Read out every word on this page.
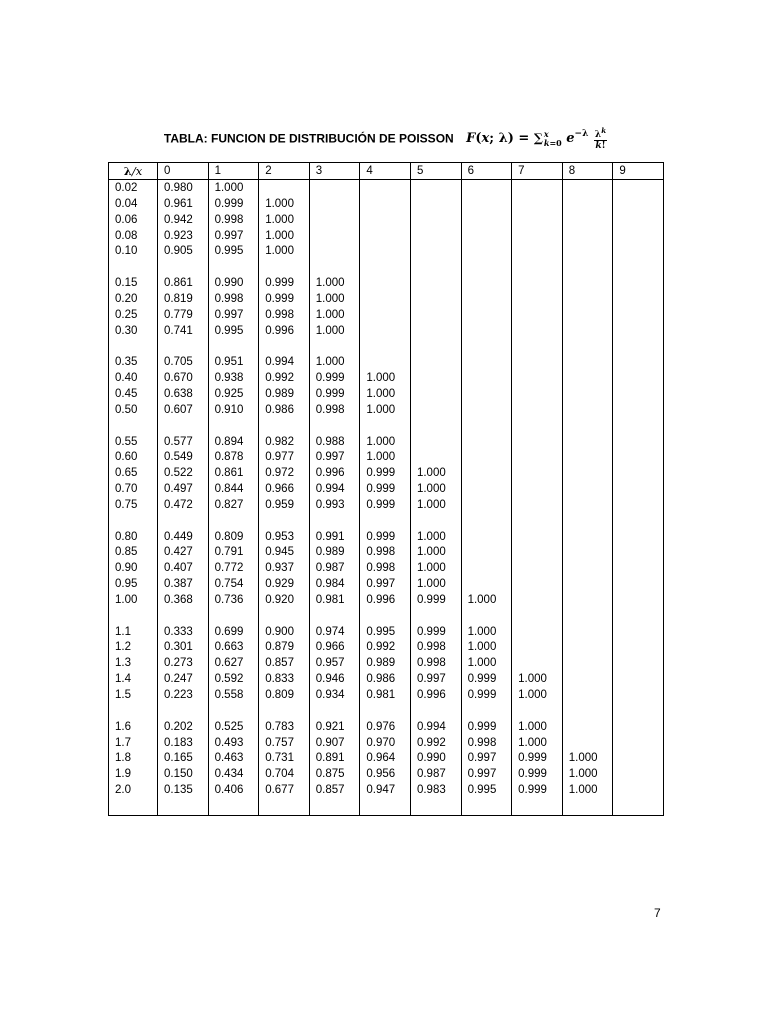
TABLA: FUNCION DE DISTRIBUCIÓN DE POISSON F(x; λ) = ∑x
k=0 $e^{-\lambda} \frac{\lambda^k}{k!}$
λ/x	0	1	2	3	4	5	6	7	8	9
0.02	0.980	1.000								
0.04	0.961	0.999	1.000							
0.06	0.942	0.998	1.000							
0.08	0.923	0.997	1.000							
0.10	0.905	0.995	1.000							

0.15	0.861	0.990	0.999	1.000						
0.20	0.819	0.998	0.999	1.000						
0.25	0.779	0.997	0.998	1.000						
0.30	0.741	0.995	0.996	1.000						

0.35	0.705	0.951	0.994	1.000						
0.40	0.670	0.938	0.992	0.999	1.000					
0.45	0.638	0.925	0.989	0.999	1.000					
0.50	0.607	0.910	0.986	0.998	1.000					

0.55	0.577	0.894	0.982	0.988	1.000					
0.60	0.549	0.878	0.977	0.997	1.000					
0.65	0.522	0.861	0.972	0.996	0.999	1.000				
0.70	0.497	0.844	0.966	0.994	0.999	1.000				
0.75	0.472	0.827	0.959	0.993	0.999	1.000				

0.80	0.449	0.809	0.953	0.991	0.999	1.000				
0.85	0.427	0.791	0.945	0.989	0.998	1.000				
0.90	0.407	0.772	0.937	0.987	0.998	1.000				
0.95	0.387	0.754	0.929	0.984	0.997	1.000				
1.00	0.368	0.736	0.920	0.981	0.996	0.999	1.000			

1.1	0.333	0.699	0.900	0.974	0.995	0.999	1.000			
1.2	0.301	0.663	0.879	0.966	0.992	0.998	1.000			
1.3	0.273	0.627	0.857	0.957	0.989	0.998	1.000			
1.4	0.247	0.592	0.833	0.946	0.986	0.997	0.999	1.000		
1.5	0.223	0.558	0.809	0.934	0.981	0.996	0.999	1.000		

1.6	0.202	0.525	0.783	0.921	0.976	0.994	0.999	1.000		
1.7	0.183	0.493	0.757	0.907	0.970	0.992	0.998	1.000		
1.8	0.165	0.463	0.731	0.891	0.964	0.990	0.997	0.999	1.000	
1.9	0.150	0.434	0.704	0.875	0.956	0.987	0.997	0.999	1.000	
2.0	0.135	0.406	0.677	0.857	0.947	0.983	0.995	0.999	1.000	

7
